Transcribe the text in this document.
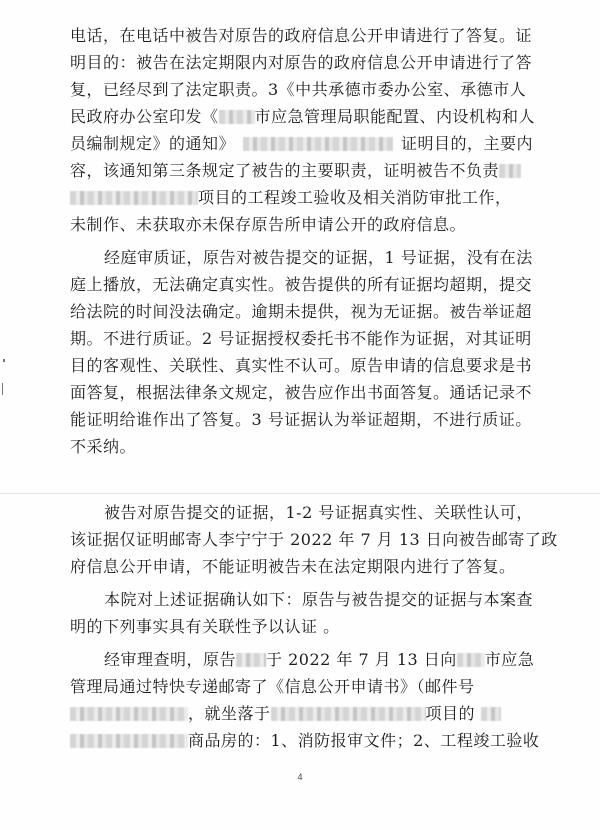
电话，在电话中被告对原告的政府信息公开申请进行了答复。证
明目的：被告在法定期限内对原告的政府信息公开申请进行了答
复，已经尽到了法定职责。3《中共承德市委办公室、承德市人
民政府办公室印发《 市应急管理局职能配置、内设机构和人
员编制规定》的通知》	证明目的，主要内
容，该通知第三条规定了被告的主要职责，证明被告不负责
项目的工程竣工验收及相关消防审批工作，
未制作、未获取亦未保存原告所申请公开的政府信息。
经庭审质证，原告对被告提交的证据，1 号证据，没有在法
庭上播放，无法确定真实性。被告提供的所有证据均超期，提交
给法院的时间没法确定。逾期未提供，视为无证据。被告举证超
期。不进行质证。2 号证据授权委托书不能作为证据，对其证明
目的客观性、关联性、真实性不认可。原告申请的信息要求是书
面答复，根据法律条文规定，被告应作出书面答复。通话记录不
能证明给谁作出了答复。3 号证据认为举证超期，不进行质证。
不采纳。
被告对原告提交的证据，1-2 号证据真实性、关联性认可，
该证据仅证明邮寄人李宁宁于 2022 年 7 月 13 日向被告邮寄了政
府信息公开申请，不能证明被告未在法定期限内进行了答复。
本院对上述证据确认如下：原告与被告提交的证据与本案查
明的下列事实具有关联性予以认证 。
经审理查明，原告 于 2022 年 7 月 13 日向 市应急
管理局通过特快专递邮寄了《信息公开申请书》（邮件号
，就坐落于	项目的
商品房的：1、消防报审文件；2、工程竣工验收
4
